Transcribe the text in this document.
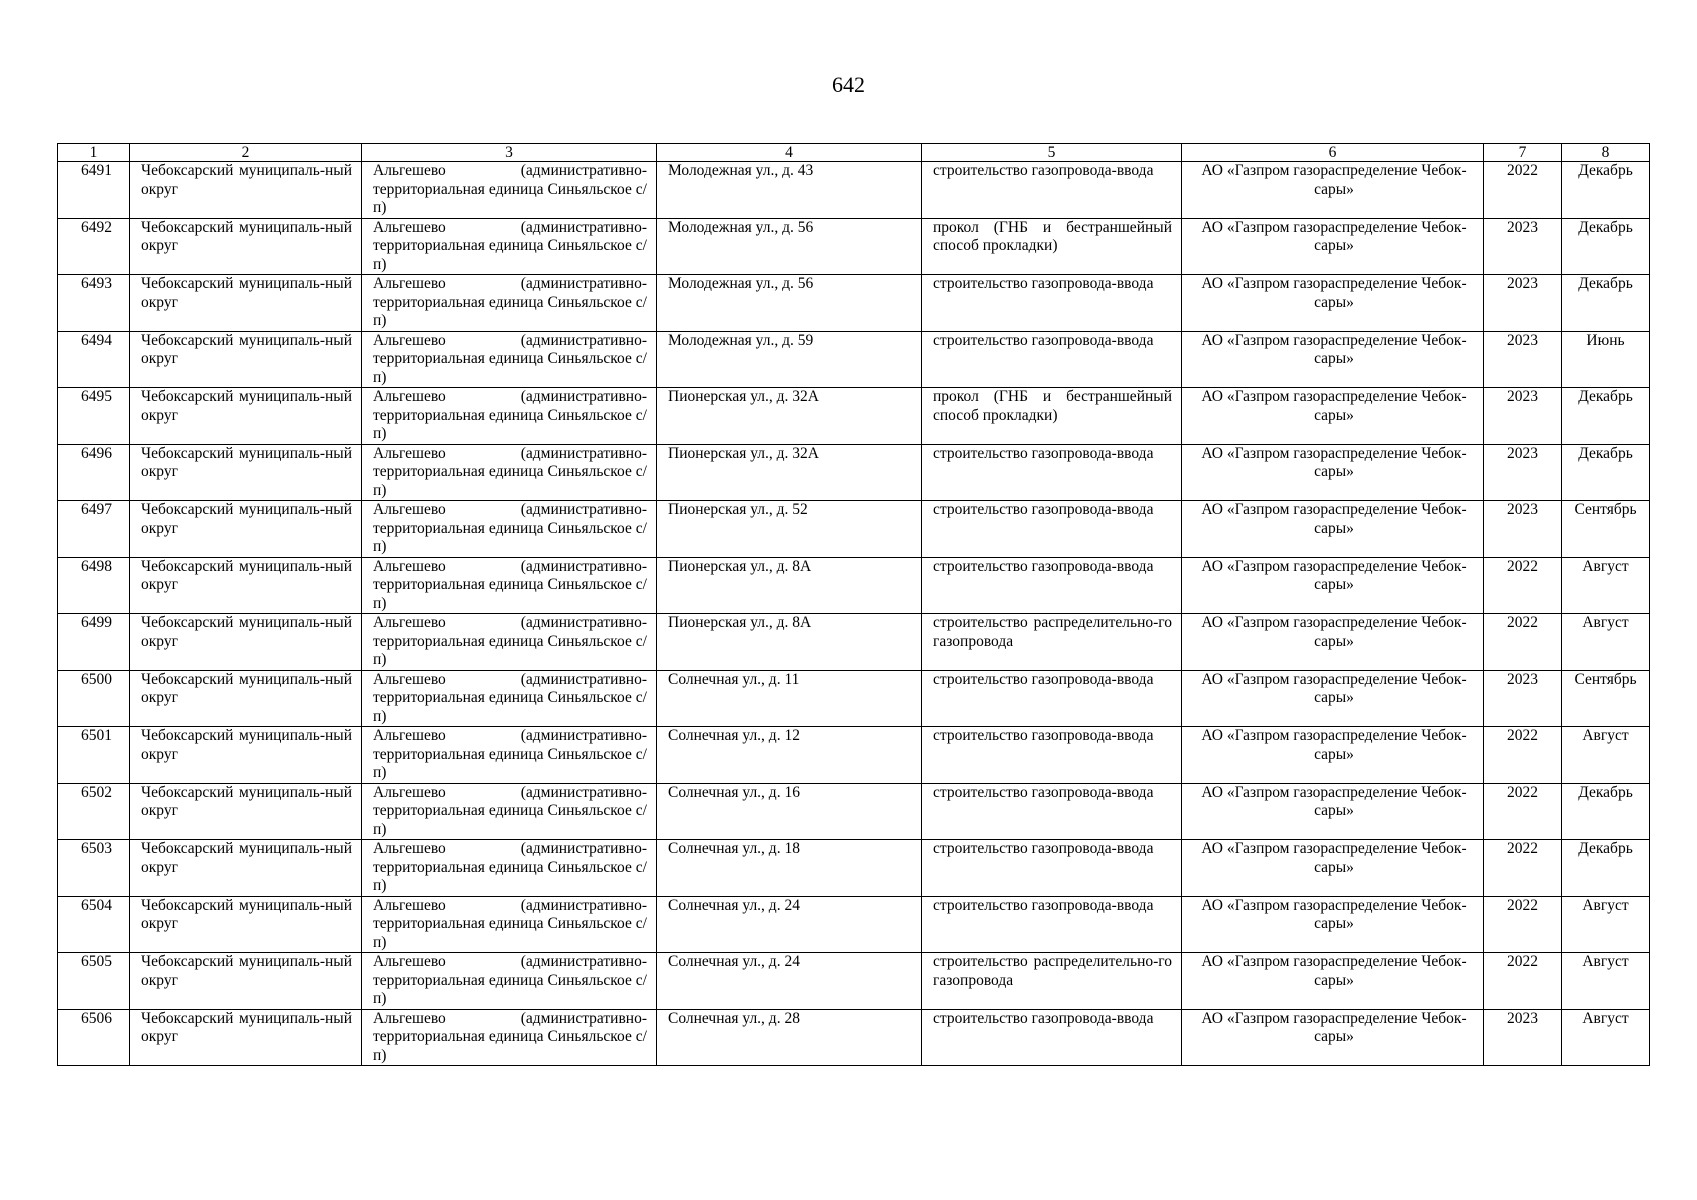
642
1	2	3	4	5	6	7	8
6491	Чебоксарский муниципаль-ный округ	Альгешево (административно-территориальная единица Синьяльское с/п)	Молодежная ул., д. 43	строительство газопровода-ввода	АО «Газпром газораспределение Чебок-сары»	2022	Декабрь
6492	Чебоксарский муниципаль-ный округ	Альгешево (административно-территориальная единица Синьяльское с/п)	Молодежная ул., д. 56	прокол (ГНБ и бестраншейный способ прокладки)	АО «Газпром газораспределение Чебок-сары»	2023	Декабрь
6493	Чебоксарский муниципаль-ный округ	Альгешево (административно-территориальная единица Синьяльское с/п)	Молодежная ул., д. 56	строительство газопровода-ввода	АО «Газпром газораспределение Чебок-сары»	2023	Декабрь
6494	Чебоксарский муниципаль-ный округ	Альгешево (административно-территориальная единица Синьяльское с/п)	Молодежная ул., д. 59	строительство газопровода-ввода	АО «Газпром газораспределение Чебок-сары»	2023	Июнь
6495	Чебоксарский муниципаль-ный округ	Альгешево (административно-территориальная единица Синьяльское с/п)	Пионерская ул., д. 32А	прокол (ГНБ и бестраншейный способ прокладки)	АО «Газпром газораспределение Чебок-сары»	2023	Декабрь
6496	Чебоксарский муниципаль-ный округ	Альгешево (административно-территориальная единица Синьяльское с/п)	Пионерская ул., д. 32А	строительство газопровода-ввода	АО «Газпром газораспределение Чебок-сары»	2023	Декабрь
6497	Чебоксарский муниципаль-ный округ	Альгешево (административно-территориальная единица Синьяльское с/п)	Пионерская ул., д. 52	строительство газопровода-ввода	АО «Газпром газораспределение Чебок-сары»	2023	Сентябрь
6498	Чебоксарский муниципаль-ный округ	Альгешево (административно-территориальная единица Синьяльское с/п)	Пионерская ул., д. 8А	строительство газопровода-ввода	АО «Газпром газораспределение Чебок-сары»	2022	Август
6499	Чебоксарский муниципаль-ный округ	Альгешево (административно-территориальная единица Синьяльское с/п)	Пионерская ул., д. 8А	строительство распределительно-го газопровода	АО «Газпром газораспределение Чебок-сары»	2022	Август
6500	Чебоксарский муниципаль-ный округ	Альгешево (административно-территориальная единица Синьяльское с/п)	Солнечная ул., д. 11	строительство газопровода-ввода	АО «Газпром газораспределение Чебок-сары»	2023	Сентябрь
6501	Чебоксарский муниципаль-ный округ	Альгешево (административно-территориальная единица Синьяльское с/п)	Солнечная ул., д. 12	строительство газопровода-ввода	АО «Газпром газораспределение Чебок-сары»	2022	Август
6502	Чебоксарский муниципаль-ный округ	Альгешево (административно-территориальная единица Синьяльское с/п)	Солнечная ул., д. 16	строительство газопровода-ввода	АО «Газпром газораспределение Чебок-сары»	2022	Декабрь
6503	Чебоксарский муниципаль-ный округ	Альгешево (административно-территориальная единица Синьяльское с/п)	Солнечная ул., д. 18	строительство газопровода-ввода	АО «Газпром газораспределение Чебок-сары»	2022	Декабрь
6504	Чебоксарский муниципаль-ный округ	Альгешево (административно-территориальная единица Синьяльское с/п)	Солнечная ул., д. 24	строительство газопровода-ввода	АО «Газпром газораспределение Чебок-сары»	2022	Август
6505	Чебоксарский муниципаль-ный округ	Альгешево (административно-территориальная единица Синьяльское с/п)	Солнечная ул., д. 24	строительство распределительно-го газопровода	АО «Газпром газораспределение Чебок-сары»	2022	Август
6506	Чебоксарский муниципаль-ный округ	Альгешево (административно-территориальная единица Синьяльское с/п)	Солнечная ул., д. 28	строительство газопровода-ввода	АО «Газпром газораспределение Чебок-сары»	2023	Август
